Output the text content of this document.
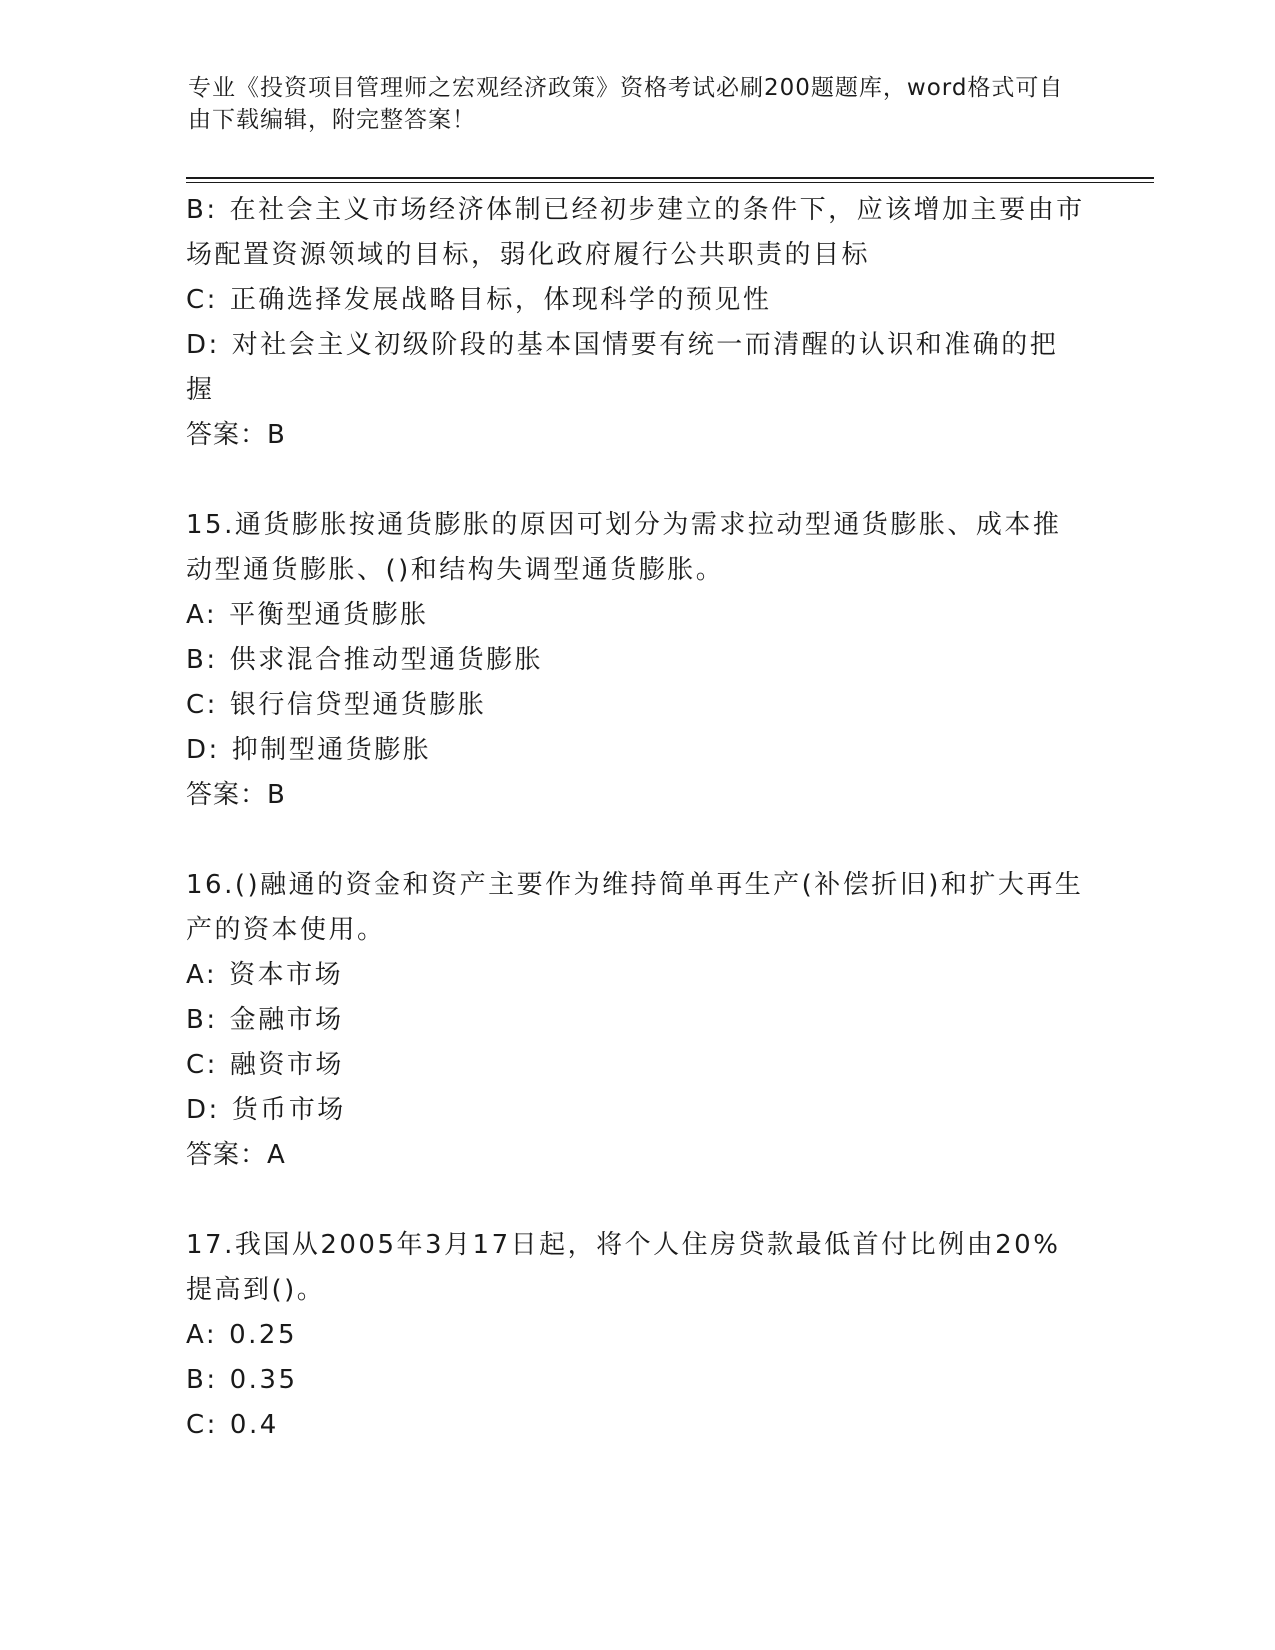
专业《投资项目管理师之宏观经济政策》资格考试必刷200题题库，word格式可自由下载编辑，附完整答案！

B: 在社会主义市场经济体制已经初步建立的条件下，应该增加主要由市场配置资源领域的目标，弱化政府履行公共职责的目标

C: 正确选择发展战略目标，体现科学的预见性

D: 对社会主义初级阶段的基本国情要有统一而清醒的认识和准确的把握

答案：B

15.通货膨胀按通货膨胀的原因可划分为需求拉动型通货膨胀、成本推动型通货膨胀、()和结构失调型通货膨胀。

A: 平衡型通货膨胀

B: 供求混合推动型通货膨胀

C: 银行信贷型通货膨胀

D: 抑制型通货膨胀

答案：B

16.()融通的资金和资产主要作为维持简单再生产(补偿折旧)和扩大再生产的资本使用。

A: 资本市场

B: 金融市场

C: 融资市场

D: 货币市场

答案：A

17.我国从2005年3月17日起，将个人住房贷款最低首付比例由20%提高到()。

A: 0.25

B: 0.35

C: 0.4
